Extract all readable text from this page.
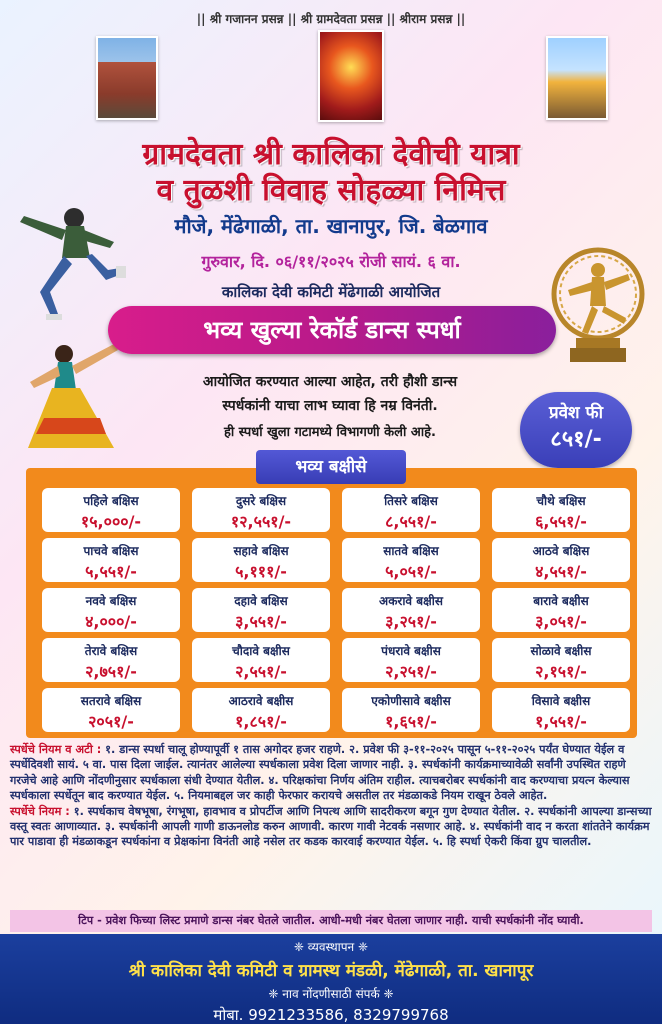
|| श्री गजानन प्रसन्न || श्री ग्रामदेवता प्रसन्न || श्रीराम प्रसन्न ||
ग्रामदेवता श्री कालिका देवीची यात्रा
व तुळशी विवाह सोहळ्या निमित्त
मौजे, मेंढेगाळी, ता. खानापुर, जि. बेळगाव
गुरुवार, दि. ०६/११/२०२५ रोजी सायं. ६ वा.
कालिका देवी कमिटी मेंढेगाळी आयोजित
भव्य खुल्या रेकॉर्ड डान्स स्पर्धा
आयोजित करण्यात आल्या आहेत, तरी हौशी डान्स
स्पर्धकांनी याचा लाभ घ्यावा हि नम्र विनंती.
ही स्पर्धा खुला गटामध्ये विभागणी केली आहे.
प्रवेश फी
८५१/-
भव्य बक्षीसे
पहिले बक्षिस
१५,०००/-
दुसरे बक्षिस
१२,५५१/-
तिसरे बक्षिस
८,५५१/-
चौथे बक्षिस
६,५५१/-
पाचवे बक्षिस
५,५५१/-
सहावे बक्षिस
५,१११/-
सातवे बक्षिस
५,०५१/-
आठवे बक्षिस
४,५५१/-
नववे बक्षिस
४,०००/-
दहावे बक्षिस
३,५५१/-
अकरावे बक्षीस
३,२५१/-
बारावे बक्षीस
३,०५१/-
तेरावे बक्षिस
२,७५१/-
चौदावे बक्षीस
२,५५१/-
पंधरावे बक्षीस
२,२५१/-
सोळावे बक्षीस
२,१५१/-
सतरावे बक्षिस
२०५१/-
आठरावे बक्षीस
१,८५१/-
एकोणीसावे बक्षीस
१,६५१/-
विसावे बक्षीस
१,५५१/-
स्पर्धेचे नियम व अटी : १. डान्स स्पर्धा चालू होण्यापूर्वी १ तास अगोदर हजर राहणे. २. प्रवेश फी ३-११-२०२५ पासून ५-११-२०२५ पर्यंत घेण्यात येईल व स्पर्धेदिवशी सायं. ५ वा. पास दिला जाईल. त्यानंतर आलेल्या स्पर्धकाला प्रवेश दिला जाणार नाही. ३. स्पर्धकांनी कार्यक्रमाच्यावेळी सर्वांनी उपस्थित राहणे गरजेचे आहे आणि नोंदणीनुसार स्पर्धकाला संधी देण्यात येतील. ४. परिक्षकांचा निर्णय अंतिम राहील. त्याचबरोबर स्पर्धकांनी वाद करण्याचा प्रयत्न केल्यास स्पर्धकाला स्पर्धेतून बाद करण्यात येईल. ५. नियमाबद्दल जर काही फेरफार करायचे असतील तर मंडळाकडे नियम राखून ठेवले आहेत.
स्पर्धेचे नियम : १. स्पर्धकाच वेषभूषा, रंगभूषा, हावभाव व प्रोपर्टीज आणि निपत्थ आणि सादरीकरण बगून गुण देण्यात येतील. २. स्पर्धकांनी आपल्या डान्सच्या वस्तू स्वतः आणाव्यात. ३. स्पर्धकांनी आपली गाणी डाऊनलोड करुन आणावी. कारण गावी नेटवर्क नसणार आहे. ४. स्पर्धकांनी वाद न करता शांततेने कार्यक्रम पार पाडावा ही मंडळाकडून स्पर्धकांना व प्रेक्षकांना विनंती आहे नसेल तर कडक कारवाई करण्यात येईल. ५. हि स्पर्धा ऐकरी किंवा ग्रुप चालतील.
टिप - प्रवेश फिच्या लिस्ट प्रमाणे डान्स नंबर घेतले जातील. आधी-मधी नंबर घेतला जाणार नाही. याची स्पर्धकांनी नोंद घ्यावी.
❈ व्यवस्थापन ❈
श्री कालिका देवी कमिटी व ग्रामस्थ मंडळी, मेंढेगाळी, ता. खानापूर
❈ नाव नोंदणीसाठी संपर्क ❈
मोबा. 9921233586, 8329799768
